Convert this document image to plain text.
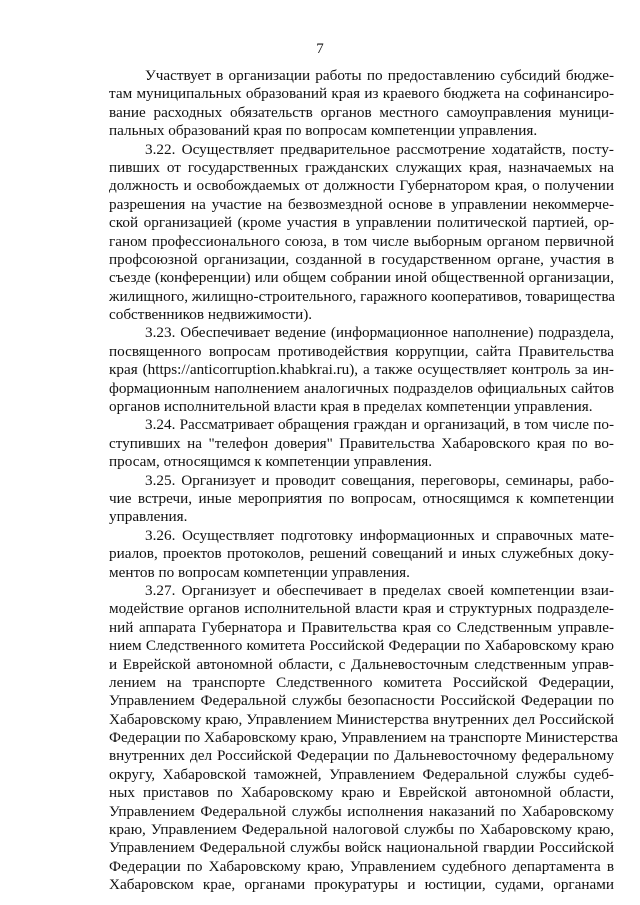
7
Участвует в организации работы по предоставлению субсидий бюдже-
там муниципальных образований края из краевого бюджета на софинансиро-
вание расходных обязательств органов местного самоуправления муници-
пальных образований края по вопросам компетенции управления.
3.22. Осуществляет предварительное рассмотрение ходатайств, посту-
пивших от государственных гражданских служащих края, назначаемых на
должность и освобождаемых от должности Губернатором края, о получении
разрешения на участие на безвозмездной основе в управлении некоммерче-
ской организацией (кроме участия в управлении политической партией, ор-
ганом профессионального союза, в том числе выборным органом первичной
профсоюзной организации, созданной в государственном органе, участия в
съезде (конференции) или общем собрании иной общественной организации,
жилищного, жилищно-строительного, гаражного кооперативов, товарищества
собственников недвижимости).
3.23. Обеспечивает ведение (информационное наполнение) подраздела,
посвященного вопросам противодействия коррупции, сайта Правительства
края (https://anticorruption.khabkrai.ru), а также осуществляет контроль за ин-
формационным наполнением аналогичных подразделов официальных сайтов
органов исполнительной власти края в пределах компетенции управления.
3.24. Рассматривает обращения граждан и организаций, в том числе по-
ступивших на "телефон доверия" Правительства Хабаровского края по во-
просам, относящимся к компетенции управления.
3.25. Организует и проводит совещания, переговоры, семинары, рабо-
чие встречи, иные мероприятия по вопросам, относящимся к компетенции
управления.
3.26. Осуществляет подготовку информационных и справочных мате-
риалов, проектов протоколов, решений совещаний и иных служебных доку-
ментов по вопросам компетенции управления.
3.27. Организует и обеспечивает в пределах своей компетенции взаи-
модействие органов исполнительной власти края и структурных подразделе-
ний аппарата Губернатора и Правительства края со Следственным управле-
нием Следственного комитета Российской Федерации по Хабаровскому краю
и Еврейской автономной области, с Дальневосточным следственным управ-
лением на транспорте Следственного комитета Российской Федерации,
Управлением Федеральной службы безопасности Российской Федерации по
Хабаровскому краю, Управлением Министерства внутренних дел Российской
Федерации по Хабаровскому краю, Управлением на транспорте Министерства
внутренних дел Российской Федерации по Дальневосточному федеральному
округу, Хабаровской таможней, Управлением Федеральной службы судеб-
ных приставов по Хабаровскому краю и Еврейской автономной области,
Управлением Федеральной службы исполнения наказаний по Хабаровскому
краю, Управлением Федеральной налоговой службы по Хабаровскому краю,
Управлением Федеральной службы войск национальной гвардии Российской
Федерации по Хабаровскому краю, Управлением судебного департамента в
Хабаровском крае, органами прокуратуры и юстиции, судами, органами
